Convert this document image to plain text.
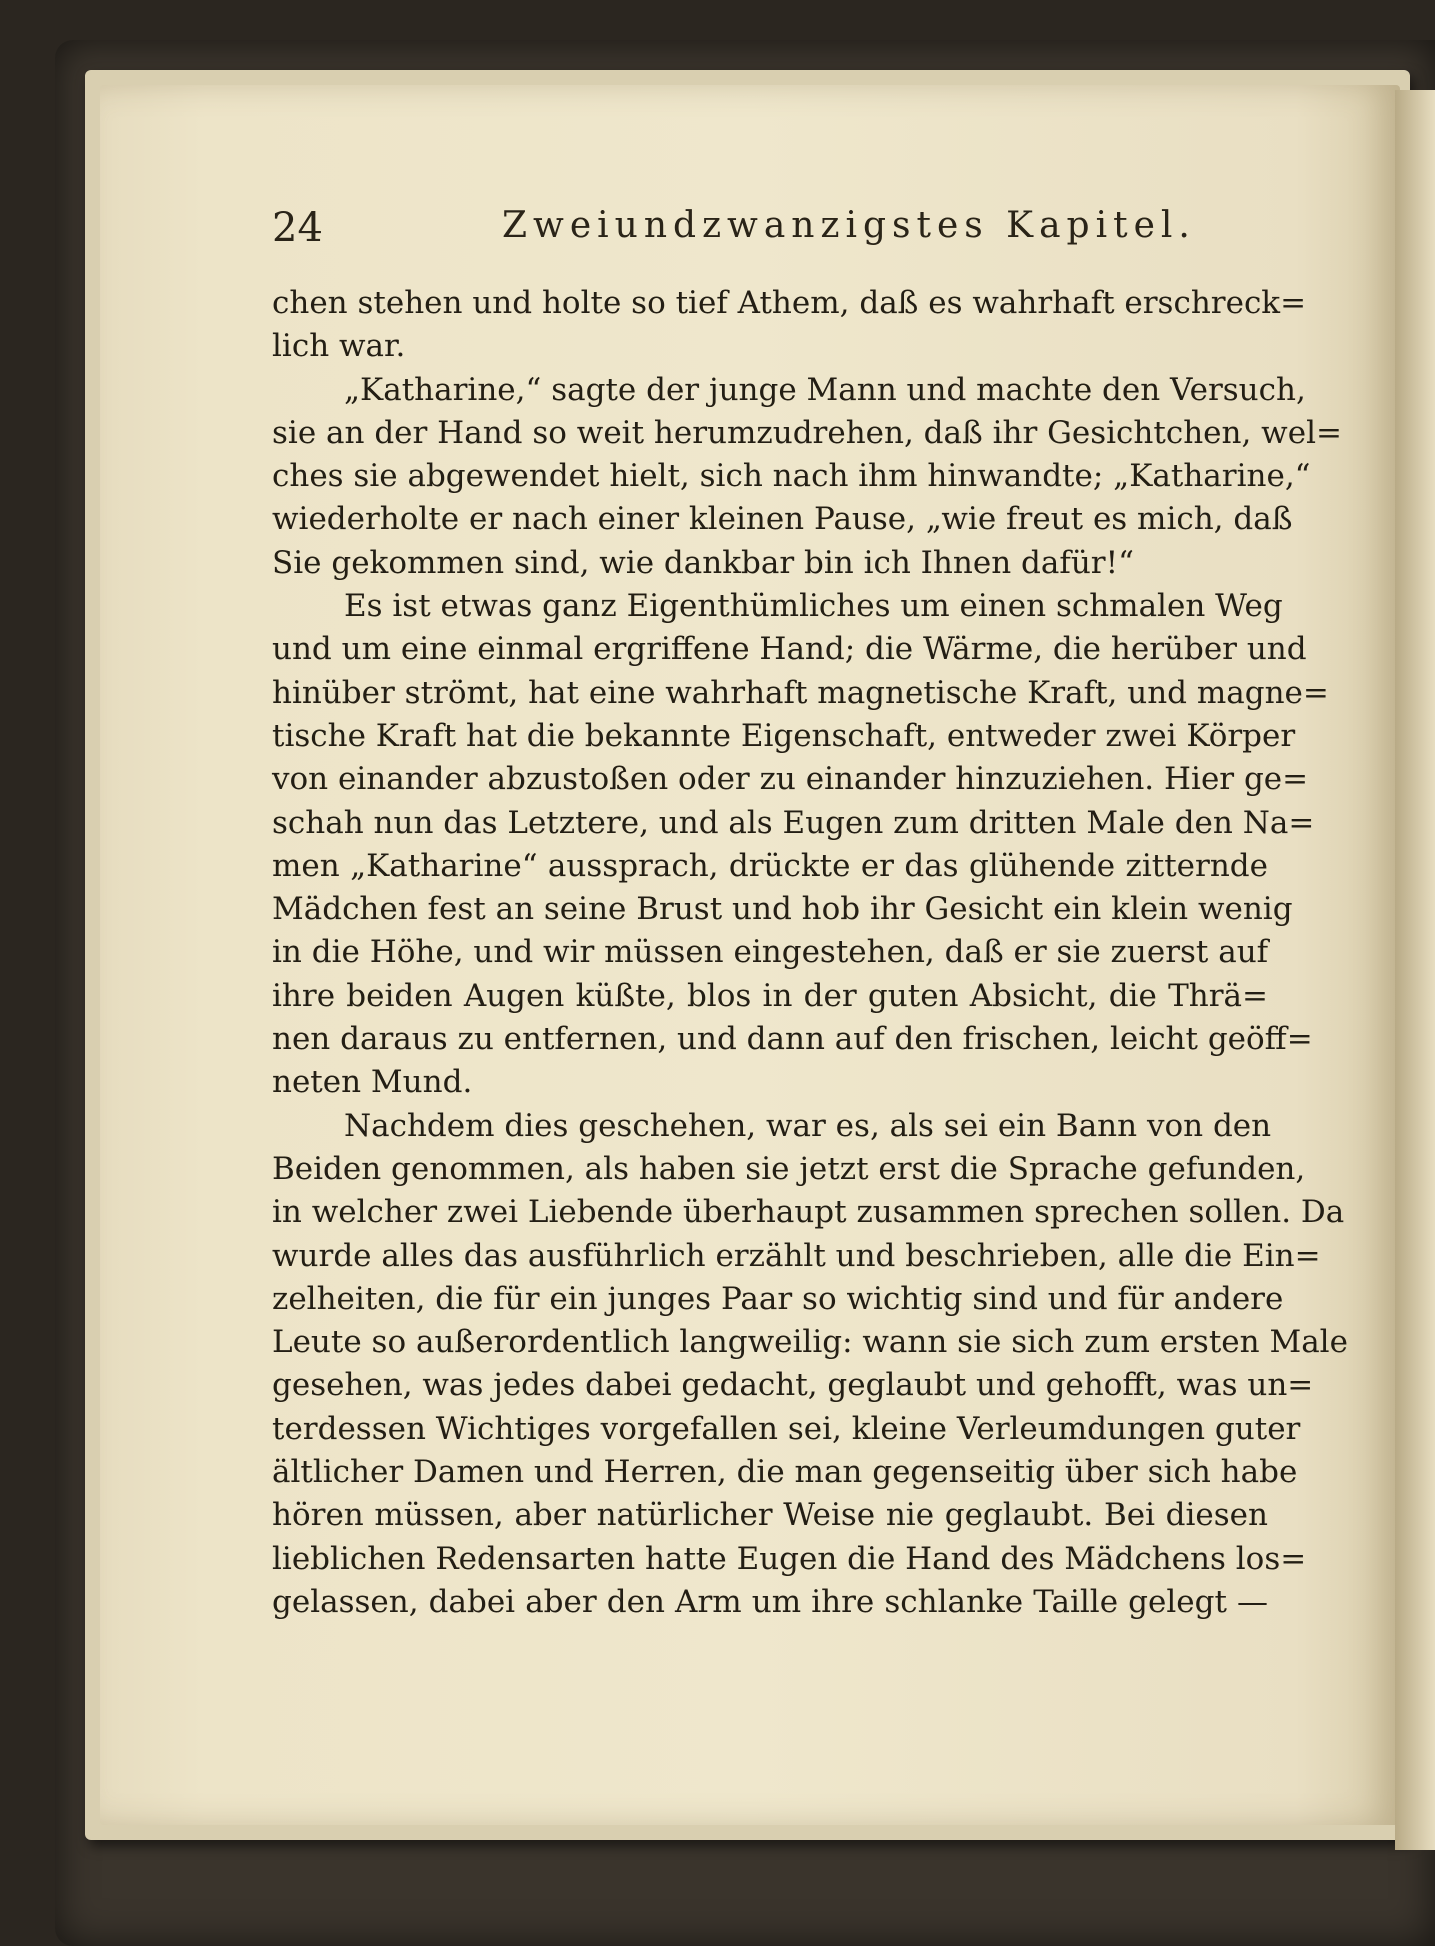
24	Zweiundzwanzigstes Kapitel.
chen stehen und holte so tief Athem, daß es wahrhaft erschreck=
lich war.
„Katharine,“ sagte der junge Mann und machte den Versuch,
sie an der Hand so weit herumzudrehen, daß ihr Gesichtchen, wel=
ches sie abgewendet hielt, sich nach ihm hinwandte; „Katharine,“
wiederholte er nach einer kleinen Pause, „wie freut es mich, daß
Sie gekommen sind, wie dankbar bin ich Ihnen dafür!“
Es ist etwas ganz Eigenthümliches um einen schmalen Weg
und um eine einmal ergriffene Hand; die Wärme, die herüber und
hinüber strömt, hat eine wahrhaft magnetische Kraft, und magne=
tische Kraft hat die bekannte Eigenschaft, entweder zwei Körper
von einander abzustoßen oder zu einander hinzuziehen. Hier ge=
schah nun das Letztere, und als Eugen zum dritten Male den Na=
men „Katharine“ aussprach, drückte er das glühende zitternde
Mädchen fest an seine Brust und hob ihr Gesicht ein klein wenig
in die Höhe, und wir müssen eingestehen, daß er sie zuerst auf
ihre beiden Augen küßte, blos in der guten Absicht, die Thrä=
nen daraus zu entfernen, und dann auf den frischen, leicht geöff=
neten Mund.
Nachdem dies geschehen, war es, als sei ein Bann von den
Beiden genommen, als haben sie jetzt erst die Sprache gefunden,
in welcher zwei Liebende überhaupt zusammen sprechen sollen. Da
wurde alles das ausführlich erzählt und beschrieben, alle die Ein=
zelheiten, die für ein junges Paar so wichtig sind und für andere
Leute so außerordentlich langweilig: wann sie sich zum ersten Male
gesehen, was jedes dabei gedacht, geglaubt und gehofft, was un=
terdessen Wichtiges vorgefallen sei, kleine Verleumdungen guter
ältlicher Damen und Herren, die man gegenseitig über sich habe
hören müssen, aber natürlicher Weise nie geglaubt. Bei diesen
lieblichen Redensarten hatte Eugen die Hand des Mädchens los=
gelassen, dabei aber den Arm um ihre schlanke Taille gelegt —
